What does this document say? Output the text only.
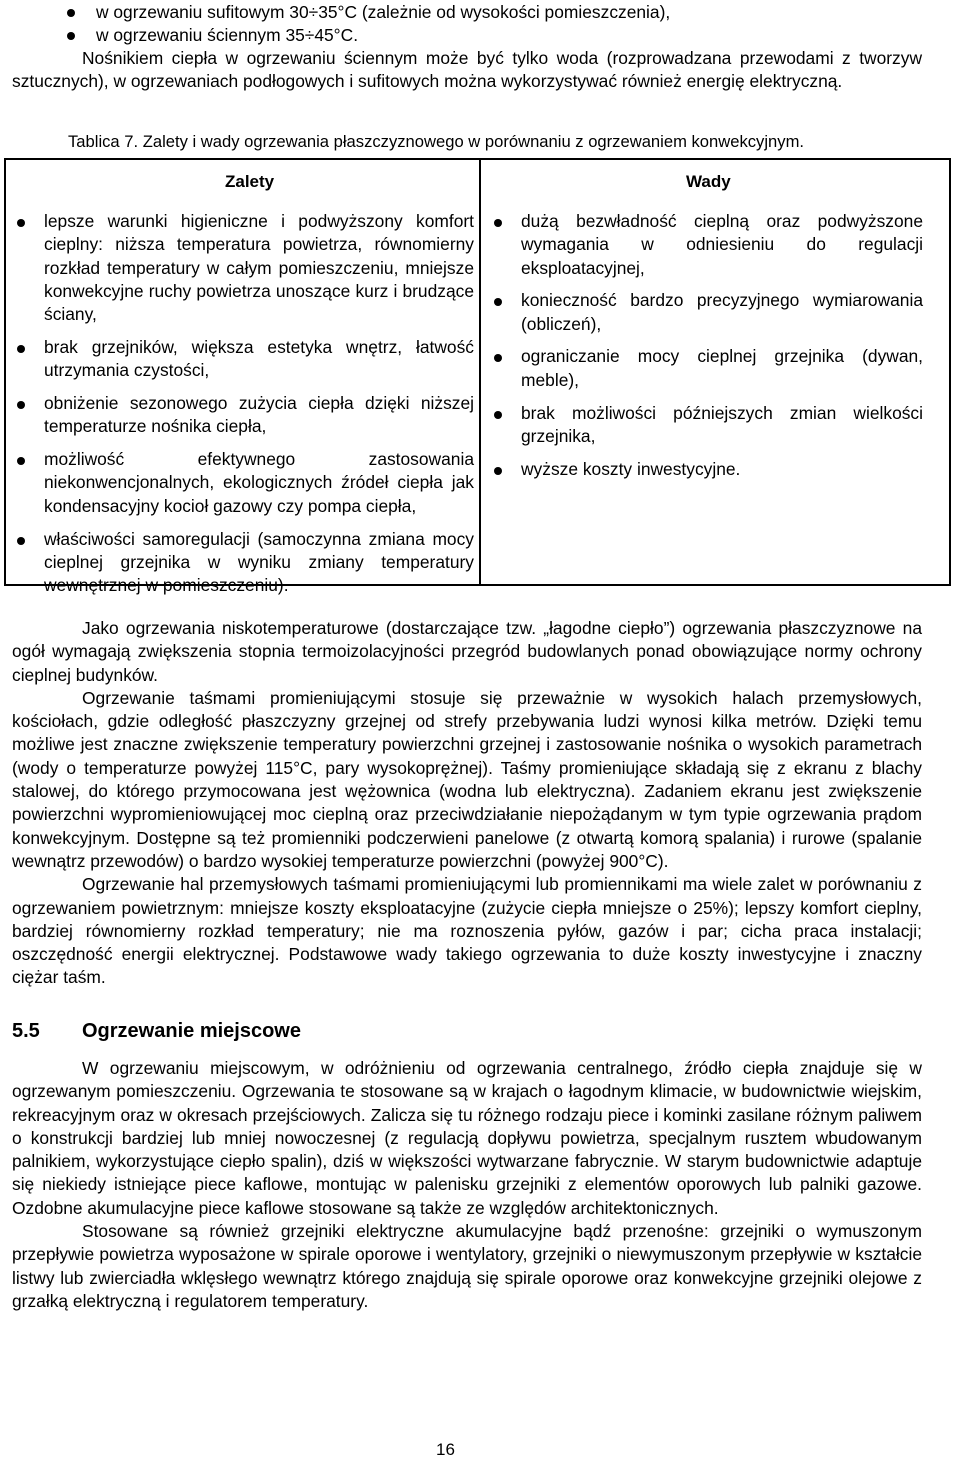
w ogrzewaniu sufitowym 30÷35°C (zależnie od wysokości pomieszczenia),
w ogrzewaniu ściennym 35÷45°C.

Nośnikiem ciepła w ogrzewaniu ściennym może być tylko woda (rozprowadzana przewodami z tworzyw sztucznych), w ogrzewaniach podłogowych i sufitowych można wykorzystywać również energię elektryczną.

Tablica 7. Zalety i wady ogrzewania płaszczyznowego w porównaniu z ogrzewaniem konwekcyjnym.
Zalety	Wady
lepsze warunki higieniczne i podwyższony komfort cieplny: niższa temperatura powietrza, równomierny rozkład temperatury w całym pomieszczeniu, mniejsze konwekcyjne ruchy powietrza unoszące kurz i brudzące ściany,
brak grzejników, większa estetyka wnętrz, łatwość utrzymania czystości,
obniżenie sezonowego zużycia ciepła dzięki niższej temperaturze nośnika ciepła,
możliwość efektywnego zastosowania niekonwencjonalnych, ekologicznych źródeł ciepła jak kondensacyjny kocioł gazowy czy pompa ciepła,
właściwości samoregulacji (samoczynna zmiana mocy cieplnej grzejnika w wyniku zmiany temperatury wewnętrznej w pomieszczeniu).
dużą bezwładność cieplną oraz podwyższone wymagania w odniesieniu do regulacji eksploatacyjnej,
konieczność bardzo precyzyjnego wymiarowania (obliczeń),
ograniczanie mocy cieplnej grzejnika (dywan, meble),
brak możliwości późniejszych zmian wielkości grzejnika,
wyższe koszty inwestycyjne.

Jako ogrzewania niskotemperaturowe (dostarczające tzw. „łagodne ciepło”) ogrzewania płaszczyznowe na ogół wymagają zwiększenia stopnia termoizolacyjności przegród budowlanych ponad obowiązujące normy ochrony cieplnej budynków.

Ogrzewanie taśmami promieniującymi stosuje się przeważnie w wysokich halach przemysłowych, kościołach, gdzie odległość płaszczyzny grzejnej od strefy przebywania ludzi wynosi kilka metrów. Dzięki temu możliwe jest znaczne zwiększenie temperatury powierzchni grzejnej i zastosowanie nośnika o wysokich parametrach (wody o temperaturze powyżej 115°C, pary wysokoprężnej). Taśmy promieniujące składają się z ekranu z blachy stalowej, do którego przymocowana jest wężownica (wodna lub elektryczna). Zadaniem ekranu jest zwiększenie powierzchni wypromieniowującej moc cieplną oraz przeciwdziałanie niepożądanym w tym typie ogrzewania prądom konwekcyjnym. Dostępne są też promienniki podczerwieni panelowe (z otwartą komorą spalania) i rurowe (spalanie wewnątrz przewodów) o bardzo wysokiej temperaturze powierzchni (powyżej 900°C).

Ogrzewanie hal przemysłowych taśmami promieniującymi lub promiennikami ma wiele zalet w porównaniu z ogrzewaniem powietrznym: mniejsze koszty eksploatacyjne (zużycie ciepła mniejsze o 25%); lepszy komfort cieplny, bardziej równomierny rozkład temperatury; nie ma roznoszenia pyłów, gazów i par; cicha praca instalacji; oszczędność energii elektrycznej. Podstawowe wady takiego ogrzewania to duże koszty inwestycyjne i znaczny ciężar taśm.

5.5 Ogrzewanie miejscowe

W ogrzewaniu miejscowym, w odróżnieniu od ogrzewania centralnego, źródło ciepła znajduje się w ogrzewanym pomieszczeniu. Ogrzewania te stosowane są w krajach o łagodnym klimacie, w budownictwie wiejskim, rekreacyjnym oraz w okresach przejściowych. Zalicza się tu różnego rodzaju piece i kominki zasilane różnym paliwem o konstrukcji bardziej lub mniej nowoczesnej (z regulacją dopływu powietrza, specjalnym rusztem wbudowanym palnikiem, wykorzystujące ciepło spalin), dziś w większości wytwarzane fabrycznie. W starym budownictwie adaptuje się niekiedy istniejące piece kaflowe, montując w palenisku grzejniki z elementów oporowych lub palniki gazowe. Ozdobne akumulacyjne piece kaflowe stosowane są także ze względów architektonicznych.

Stosowane są również grzejniki elektryczne akumulacyjne bądź przenośne: grzejniki o wymuszonym przepływie powietrza wyposażone w spirale oporowe i wentylatory, grzejniki o niewymuszonym przepływie w kształcie listwy lub zwierciadła wklęsłego wewnątrz którego znajdują się spirale oporowe oraz konwekcyjne grzejniki olejowe z grzałką elektryczną i regulatorem temperatury.

16
